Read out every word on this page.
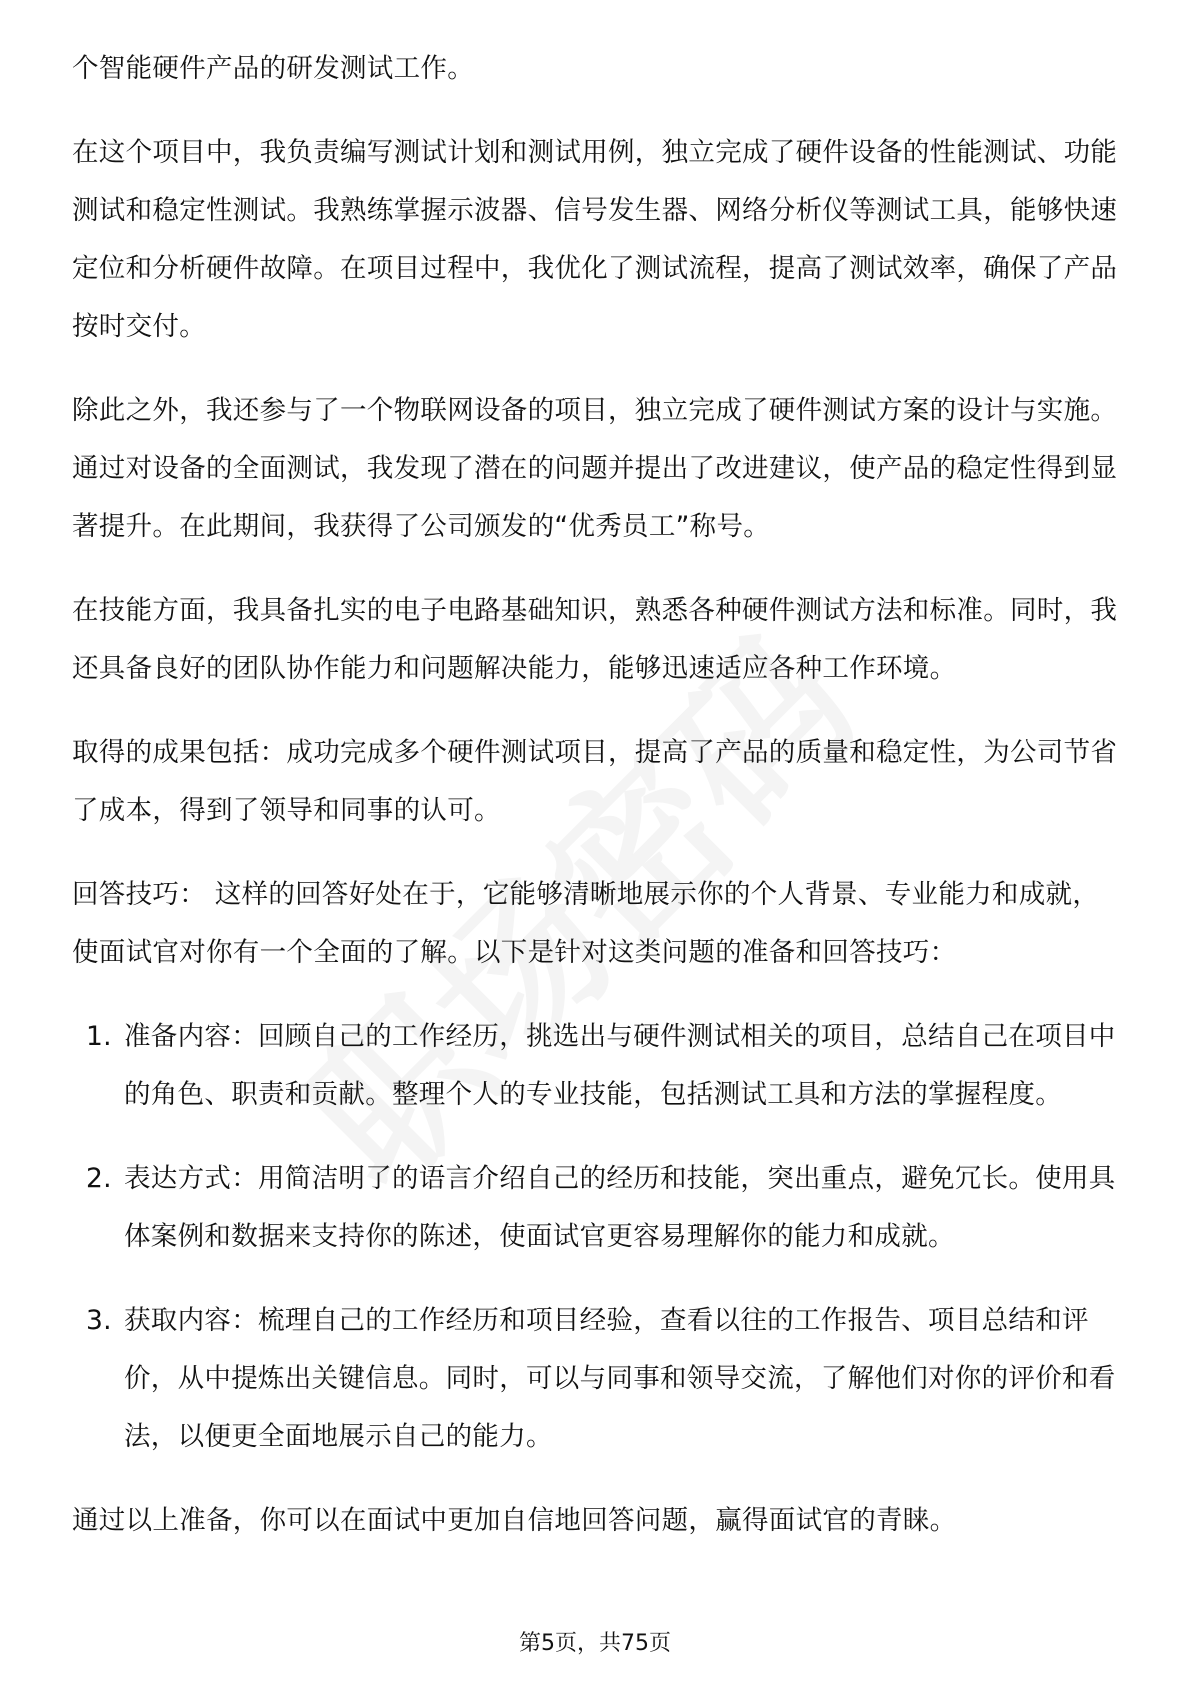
个智能硬件产品的研发测试工作。

在这个项目中，我负责编写测试计划和测试用例，独立完成了硬件设备的性能测试、功能测试和稳定性测试。我熟练掌握示波器、信号发生器、网络分析仪等测试工具，能够快速定位和分析硬件故障。在项目过程中，我优化了测试流程，提高了测试效率，确保了产品按时交付。

除此之外，我还参与了一个物联网设备的项目，独立完成了硬件测试方案的设计与实施。通过对设备的全面测试，我发现了潜在的问题并提出了改进建议，使产品的稳定性得到显著提升。在此期间，我获得了公司颁发的“优秀员工”称号。

在技能方面，我具备扎实的电子电路基础知识，熟悉各种硬件测试方法和标准。同时，我还具备良好的团队协作能力和问题解决能力，能够迅速适应各种工作环境。

取得的成果包括：成功完成多个硬件测试项目，提高了产品的质量和稳定性，为公司节省了成本，得到了领导和同事的认可。

回答技巧： 这样的回答好处在于，它能够清晰地展示你的个人背景、专业能力和成就，使面试官对你有一个全面的了解。以下是针对这类问题的准备和回答技巧：

1. 准备内容：回顾自己的工作经历，挑选出与硬件测试相关的项目，总结自己在项目中的角色、职责和贡献。整理个人的专业技能，包括测试工具和方法的掌握程度。
2. 表达方式：用简洁明了的语言介绍自己的经历和技能，突出重点，避免冗长。使用具体案例和数据来支持你的陈述，使面试官更容易理解你的能力和成就。
3. 获取内容：梳理自己的工作经历和项目经验，查看以往的工作报告、项目总结和评价，从中提炼出关键信息。同时，可以与同事和领导交流，了解他们对你的评价和看法，以便更全面地展示自己的能力。

通过以上准备，你可以在面试中更加自信地回答问题，赢得面试官的青睐。

第5页，共75页
